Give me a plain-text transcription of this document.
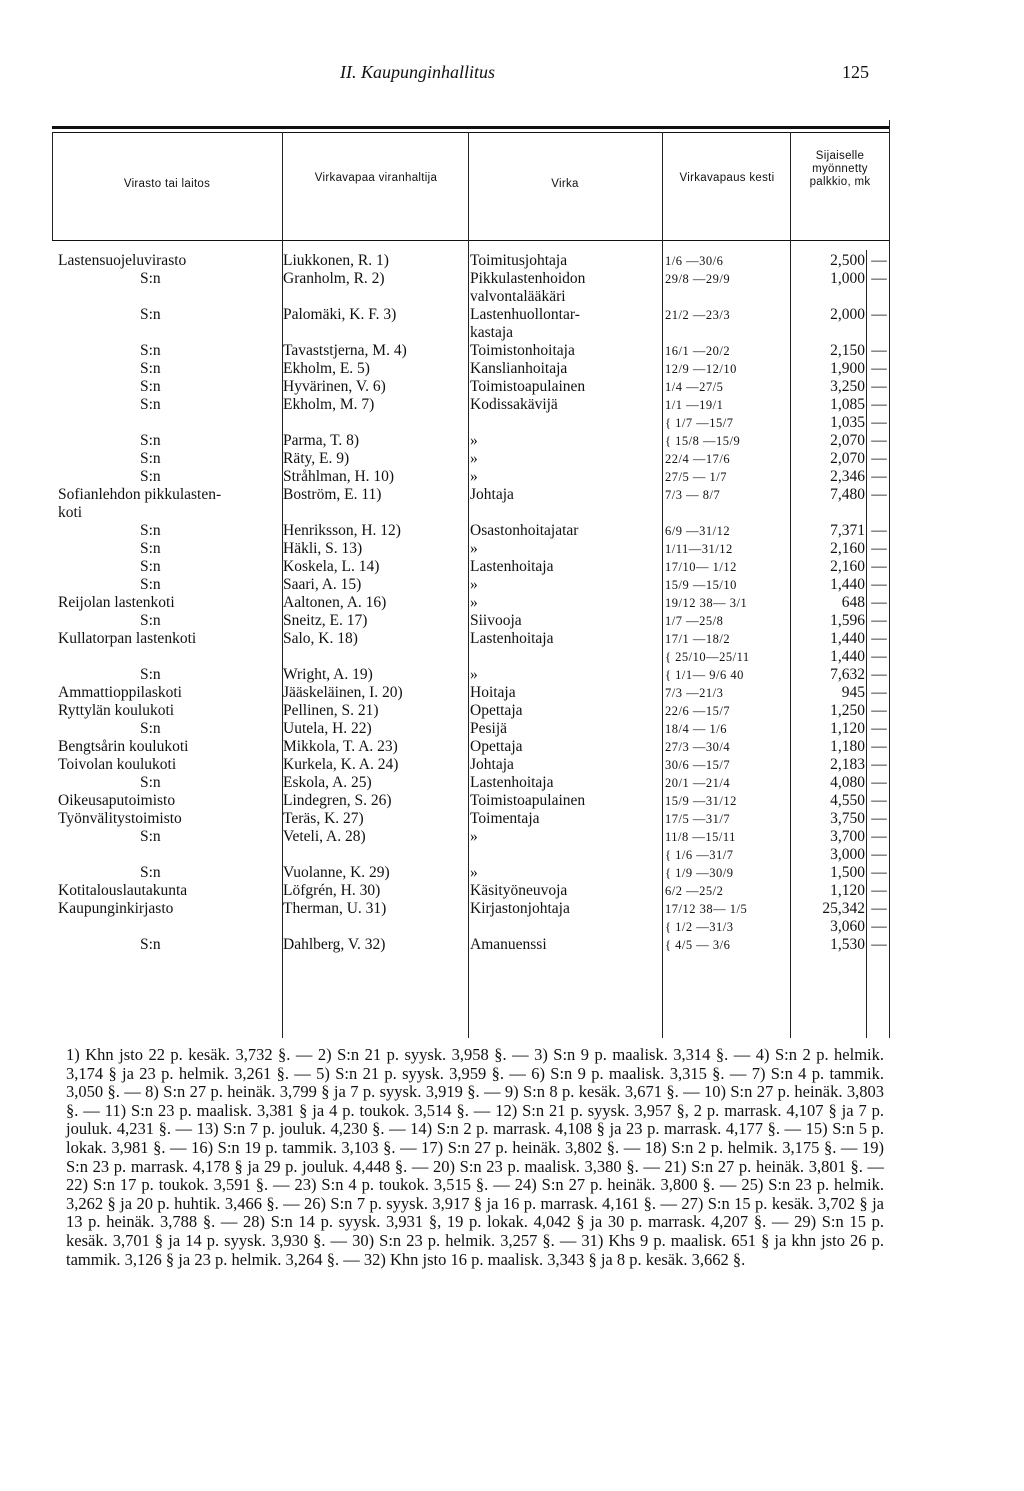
II. Kaupunginhallitus	125
Virasto tai laitos	Virkavapaa viranhaltija	Virka	Virkavapaus kesti
Sijaiselle myönnetty palkkio, mk
Lastensuojeluvirasto	Liukkonen, R. 1)	Toimitusjohtaja	1/6 —30/6	2,500 —
S:n	Granholm, R. 2)	Pikkulastenhoidon	29/8 —29/9	1,000 —
valvontalääkäri
S:n	Palomäki, K. F. 3)	Lastenhuollontar-	21/2 —23/3	2,000 —
kastaja
S:n	Tavaststjerna, M. 4)	Toimistonhoitaja	16/1 —20/2	2,150 —
S:n	Ekholm, E. 5)	Kanslianhoitaja	12/9 —12/10	1,900 —
S:n	Hyvärinen, V. 6)	Toimistoapulainen	1/4 —27/5	3,250 —
S:n	Ekholm, M. 7)	Kodissakävijä	1/1 —19/1	1,085 —
{ 1/7 —15/7	1,035 —
S:n	Parma, T. 8)	»	{ 15/8 —15/9	2,070 —
S:n	Räty, E. 9)	»	22/4 —17/6	2,070 —
S:n	Stråhlman, H. 10)	»	27/5 — 1/7	2,346 —
Sofianlehdon pikkulasten-	Boström, E. 11)	Johtaja	7/3 — 8/7	7,480 —
koti
S:n	Henriksson, H. 12)	Osastonhoitajatar	6/9 —31/12	7,371 —
S:n	Häkli, S. 13)	»	1/11—31/12	2,160 —
S:n	Koskela, L. 14)	Lastenhoitaja	17/10— 1/12	2,160 —
S:n	Saari, A. 15)	»	15/9 —15/10	1,440 —
Reijolan lastenkoti	Aaltonen, A. 16)	»	19/12 38— 3/1	648 —
S:n	Sneitz, E. 17)	Siivooja	1/7 —25/8	1,596 —
Kullatorpan lastenkoti	Salo, K. 18)	Lastenhoitaja	17/1 —18/2	1,440 —
{ 25/10—25/11	1,440 —
S:n	Wright, A. 19)	»	{ 1/1— 9/6 40	7,632 —
Ammattioppilaskoti	Jääskeläinen, I. 20)	Hoitaja	7/3 —21/3	945 —
Ryttylän koulukoti	Pellinen, S. 21)	Opettaja	22/6 —15/7	1,250 —
S:n	Uutela, H. 22)	Pesijä	18/4 — 1/6	1,120 —
Bengtsårin koulukoti	Mikkola, T. A. 23)	Opettaja	27/3 —30/4	1,180 —
Toivolan koulukoti	Kurkela, K. A. 24)	Johtaja	30/6 —15/7	2,183 —
S:n	Eskola, A. 25)	Lastenhoitaja	20/1 —21/4	4,080 —
Oikeusaputoimisto	Lindegren, S. 26)	Toimistoapulainen	15/9 —31/12	4,550 —
Työnvälitystoimisto	Teräs, K. 27)	Toimentaja	17/5 —31/7	3,750 —
S:n	Veteli, A. 28)	»	11/8 —15/11	3,700 —
{ 1/6 —31/7	3,000 —
S:n	Vuolanne, K. 29)	»	{ 1/9 —30/9	1,500 —
Kotitalouslautakunta	Löfgrén, H. 30)	Käsityöneuvoja	6/2 —25/2	1,120 —
Kaupunginkirjasto	Therman, U. 31)	Kirjastonjohtaja	17/12 38— 1/5	25,342 —
{ 1/2 —31/3	3,060 —
S:n	Dahlberg, V. 32)	Amanuenssi	{ 4/5 — 3/6	1,530 —
1) Khn jsto 22 p. kesäk. 3,732 §. — 2) S:n 21 p. syysk. 3,958 §. — 3) S:n 9 p. maalisk. 3,314 §. — 4) S:n 2 p. helmik. 3,174 § ja 23 p. helmik. 3,261 §. — 5) S:n 21 p. syysk. 3,959 §. — 6) S:n 9 p. maalisk. 3,315 §. — 7) S:n 4 p. tammik. 3,050 §. — 8) S:n 27 p. heinäk. 3,799 § ja 7 p. syysk. 3,919 §. — 9) S:n 8 p. kesäk. 3,671 §. — 10) S:n 27 p. heinäk. 3,803 §. — 11) S:n 23 p. maalisk. 3,381 § ja 4 p. toukok. 3,514 §. — 12) S:n 21 p. syysk. 3,957 §, 2 p. marrask. 4,107 § ja 7 p. jouluk. 4,231 §. — 13) S:n 7 p. jouluk. 4,230 §. — 14) S:n 2 p. marrask. 4,108 § ja 23 p. marrask. 4,177 §. — 15) S:n 5 p. lokak. 3,981 §. — 16) S:n 19 p. tammik. 3,103 §. — 17) S:n 27 p. heinäk. 3,802 §. — 18) S:n 2 p. helmik. 3,175 §. — 19) S:n 23 p. marrask. 4,178 § ja 29 p. jouluk. 4,448 §. — 20) S:n 23 p. maalisk. 3,380 §. — 21) S:n 27 p. heinäk. 3,801 §. — 22) S:n 17 p. toukok. 3,591 §. — 23) S:n 4 p. toukok. 3,515 §. — 24) S:n 27 p. heinäk. 3,800 §. — 25) S:n 23 p. helmik. 3,262 § ja 20 p. huhtik. 3,466 §. — 26) S:n 7 p. syysk. 3,917 § ja 16 p. marrask. 4,161 §. — 27) S:n 15 p. kesäk. 3,702 § ja 13 p. heinäk. 3,788 §. — 28) S:n 14 p. syysk. 3,931 §, 19 p. lokak. 4,042 § ja 30 p. marrask. 4,207 §. — 29) S:n 15 p. kesäk. 3,701 § ja 14 p. syysk. 3,930 §. — 30) S:n 23 p. helmik. 3,257 §. — 31) Khs 9 p. maalisk. 651 § ja khn jsto 26 p. tammik. 3,126 § ja 23 p. helmik. 3,264 §. — 32) Khn jsto 16 p. maalisk. 3,343 § ja 8 p. kesäk. 3,662 §.
